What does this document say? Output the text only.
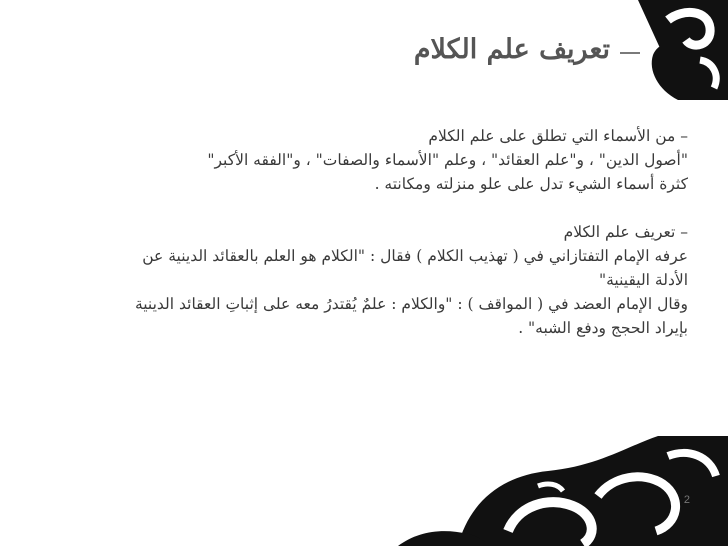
تعريف علم الكلام
– من الأسماء التي تطلق على علم الكلام
"أصول الدين" ، و"علم العقائد" ، وعلم "الأسماء والصفات" ، و"الفقه الأكبر"
كثرة أسماء الشيء تدل على علو منزلته ومكانته .
– تعريف علم الكلام
عرفه الإمام التفتازاني في ( تهذيب الكلام ) فقال : "الكلام هو العلم بالعقائد الدينية عن
الأدلة اليقينية"
وقال الإمام العضد في ( المواقف ) : "والكلام : علمٌ يُقتدرُ معه على إثباتِ العقائد الدينية
بإيراد الحجج ودفع الشبه" .
2
